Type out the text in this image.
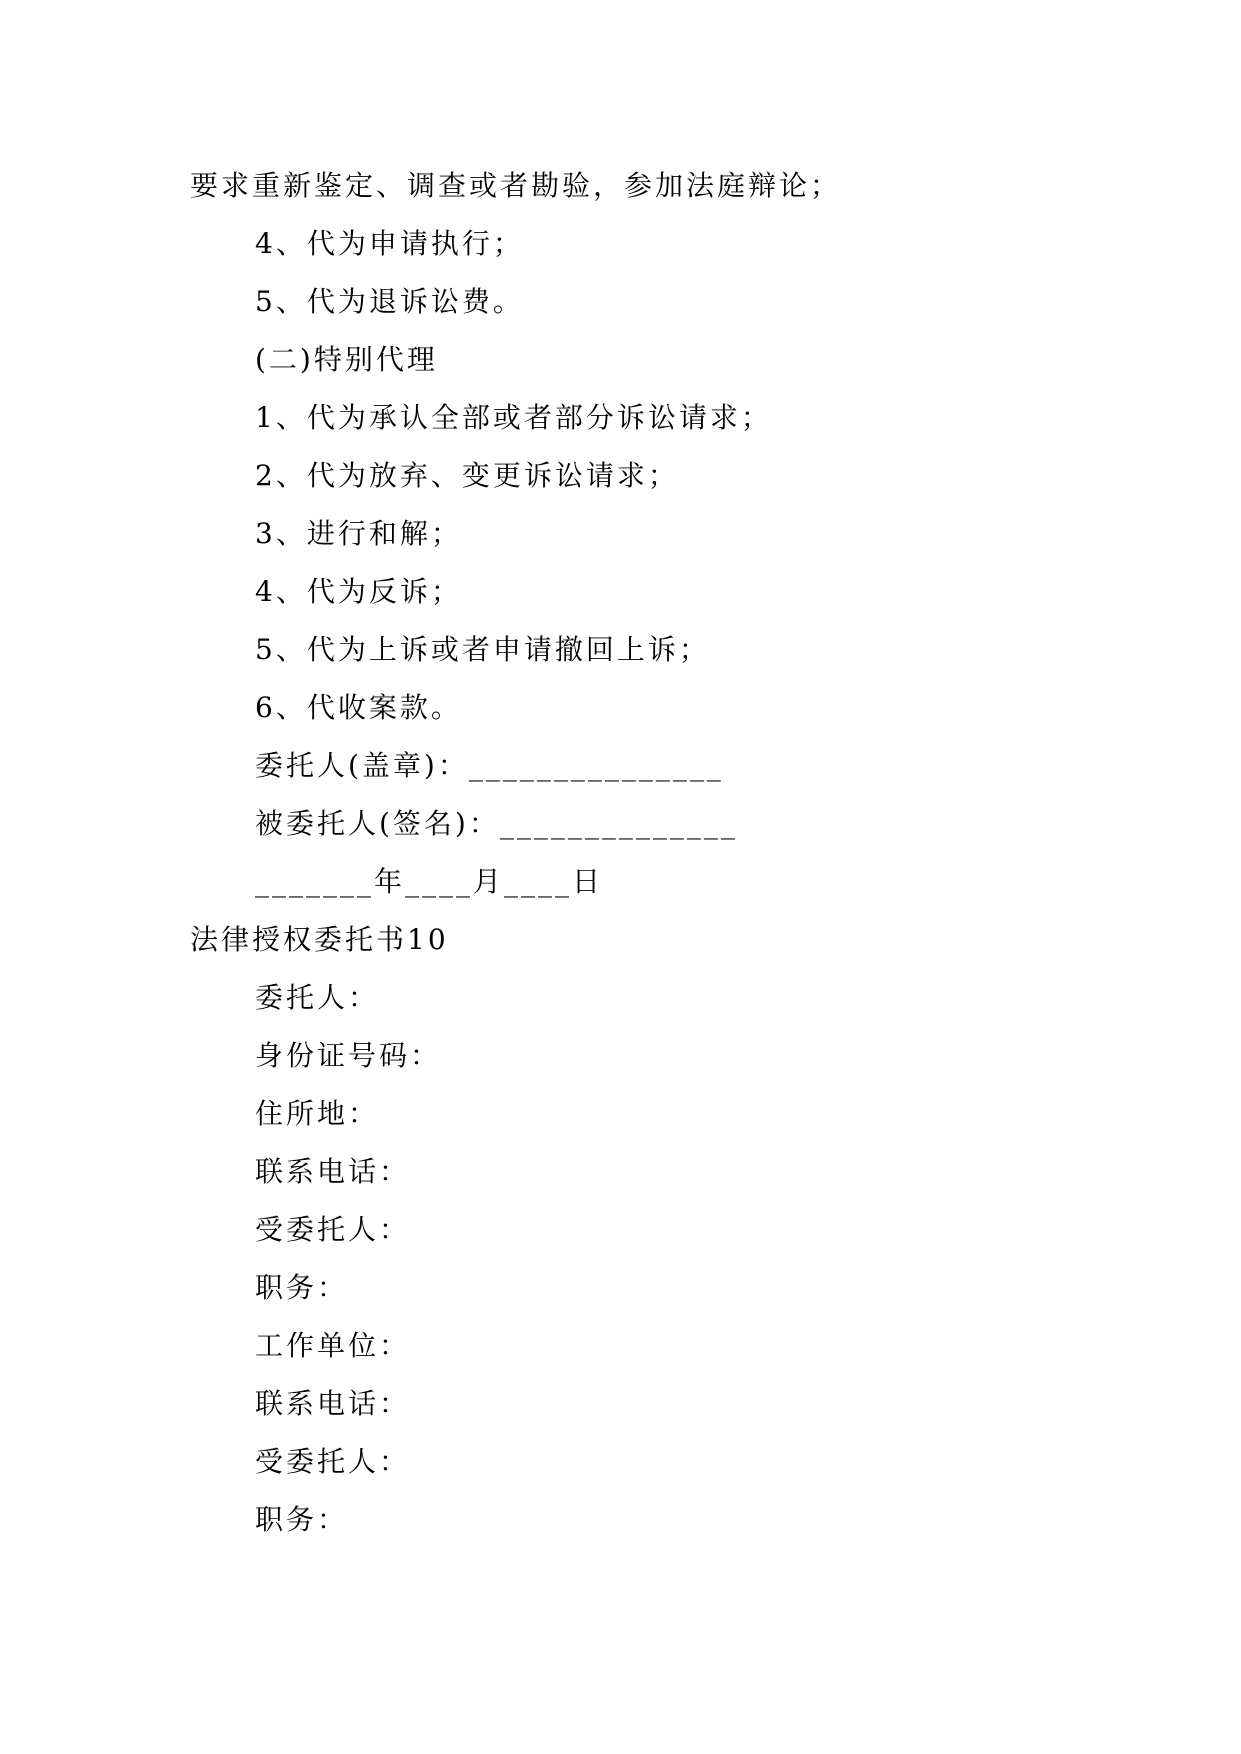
要求重新鉴定、调查或者勘验，参加法庭辩论；

4、代为申请执行；

5、代为退诉讼费。

(二)特别代理

1、代为承认全部或者部分诉讼请求；

2、代为放弃、变更诉讼请求；

3、进行和解；

4、代为反诉；

5、代为上诉或者申请撤回上诉；

6、代收案款。

委托人(盖章)：_______________

被委托人(签名)：______________

_______年____月____日

法律授权委托书10

委托人：

身份证号码：

住所地：

联系电话：

受委托人：

职务：

工作单位：

联系电话：

受委托人：

职务：
